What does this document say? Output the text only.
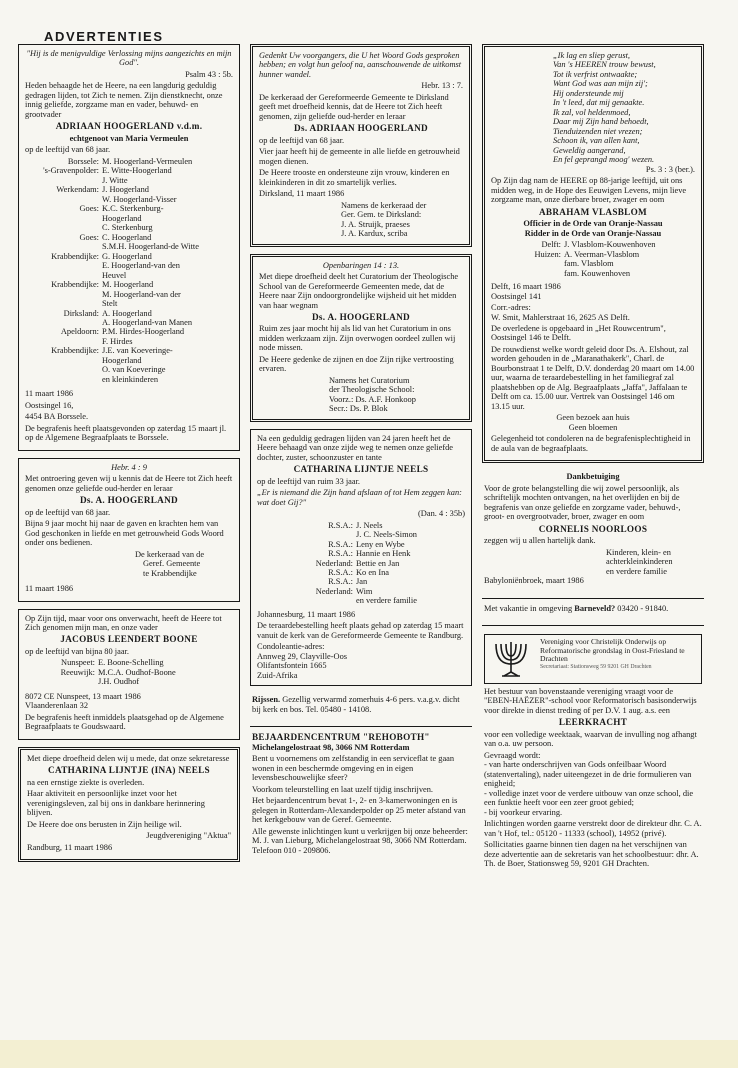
ADVERTENTIES

"Hij is de menigvuldige Verlossing mijns aangezichts en mijn God".

Psalm 43 : 5b.

Heden behaagde het de Heere, na een langdurig geduldig gedragen lijden, tot Zich te nemen. Zijn dienstknecht, onze innig geliefde, zorgzame man en vader, behuwd- en grootvader

ADRIAAN HOOGERLAND v.d.m.

echtgenoot van Maria Vermeulen

op de leeftijd van 68 jaar.

Borssele: M. Hoogerland-Vermeulen
's-Gravenpolder: E. Witte-Hoogerland
J. Witte
Werkendam: J. Hoogerland
W. Hoogerland-Visser
Goes: K.C. Sterkenburg-
Hoogerland
C. Sterkenburg
Goes: C. Hoogerland
S.M.H. Hoogerland-de Witte
Krabbendijke: G. Hoogerland
E. Hoogerland-van den
Heuvel
Krabbendijke: M. Hoogerland
M. Hoogerland-van der
Stelt
Dirksland: A. Hoogerland
A. Hoogerland-van Manen
Apeldoorn: P.M. Hirdes-Hoogerland
F. Hirdes
Krabbendijke: J.E. van Koeveringe-
Hoogerland
O. van Koeveringe
en kleinkinderen

11 maart 1986

Oostsingel 16,

4454 BA Borssele.

De begrafenis heeft plaatsgevonden op zaterdag 15 maart jl. op de Algemene Begraafplaats te Borssele.

Hebr. 4 : 9

Met ontroering geven wij u kennis dat de Heere tot Zich heeft genomen onze geliefde oud-herder en leraar

Ds. A. HOOGERLAND

op de leeftijd van 68 jaar.

Bijna 9 jaar mocht hij naar de gaven en krachten hem van God geschonken in liefde en met getrouwheid Gods Woord onder ons bedienen.

De kerkeraad van de

Geref. Gemeente

te Krabbendijke

11 maart 1986

Op Zijn tijd, maar voor ons onverwacht, heeft de Heere tot Zich genomen mijn man, en onze vader

JACOBUS LEENDERT BOONE

op de leeftijd van bijna 80 jaar.

Nunspeet: E. Boone-Schelling
Reeuwijk: M.C.A. Oudhof-Boone
J.H. Oudhof

8072 CE Nunspeet, 13 maart 1986

Vlaanderenlaan 32

De begrafenis heeft inmiddels plaatsgehad op de Algemene Begraafplaats te Goudswaard.

Met diepe droefheid delen wij u mede, dat onze sekretaresse

CATHARINA LIJNTJE (INA) NEELS

na een ernstige ziekte is overleden.

Haar aktiviteit en persoonlijke inzet voor het verenigingsleven, zal bij ons in dankbare herinnering blijven.

De Heere doe ons berusten in Zijn heilige wil.

Jeugdvereniging "Aktua"

Randburg, 11 maart 1986

Gedenkt Uw voorgangers, die U het Woord Gods gesproken hebben; en volgt hun geloof na, aanschouwende de uitkomst hunner wandel.

Hebr. 13 : 7.

De kerkeraad der Gereformeerde Gemeente te Dirksland geeft met droefheid kennis, dat de Heere tot Zich heeft genomen, zijn geliefde oud-herder en leraar

Ds. ADRIAAN HOOGERLAND

op de leeftijd van 68 jaar.

Vier jaar heeft hij de gemeente in alle liefde en getrouwheid mogen dienen.

De Heere trooste en ondersteune zijn vrouw, kinderen en kleinkinderen in dit zo smartelijk verlies.

Dirksland, 11 maart 1986

Namens de kerkeraad der

Ger. Gem. te Dirksland:

J. A. Struijk, praeses

J. A. Kardux, scriba

Openbaringen 14 : 13.

Met diepe droefheid deelt het Curatorium der Theologische School van de Gereformeerde Gemeenten mede, dat de Heere naar Zijn ondoorgrondelijke wijsheid uit het midden van haar wegnam

Ds. A. HOOGERLAND

Ruim zes jaar mocht hij als lid van het Curatorium in ons midden werkzaam zijn. Zijn overwogen oordeel zullen wij node missen.

De Heere gedenke de zijnen en doe Zijn rijke vertroosting ervaren.

Namens het Curatorium

der Theologische School:

Voorz.: Ds. A.F. Honkoop

Secr.: Ds. P. Blok

Na een geduldig gedragen lijden van 24 jaren heeft het de Heere behaagd van onze zijde weg te nemen onze geliefde dochter, zuster, schoonzuster en tante

CATHARINA LIJNTJE NEELS

op de leeftijd van ruim 33 jaar.

„Er is niemand die Zijn hand afslaan of tot Hem zeggen kan: wat doet Gij?"

(Dan. 4 : 35b)

R.S.A.: J. Neels
J. C. Neels-Simon
R.S.A.: Leny en Wybe
R.S.A.: Hannie en Henk
Nederland: Bettie en Jan
R.S.A.: Ko en Ina
R.S.A.: Jan
Nederland: Wim
en verdere familie

Johannesburg, 11 maart 1986

De teraardebestelling heeft plaats gehad op zaterdag 15 maart vanuit de kerk van de Gereformeerde Gemeente te Randburg.

Condoleantie-adres:

Annweg 29, Clayville-Oos

Olifantsfontein 1665

Zuid-Afrika

Rijssen. Gezellig verwarmd zomerhuis 4-6 pers. v.a.g.v. dicht bij kerk en bos. Tel. 05480 - 14108.

BEJAARDENCENTRUM "REHOBOTH"

Michelangelostraat 98, 3066 NM Rotterdam

Bent u voornemens om zelfstandig in een serviceflat te gaan wonen in een beschermde omgeving en in eigen levensbeschouwelijke sfeer?

Voorkom teleurstelling en laat uzelf tijdig inschrijven.

Het bejaardencentrum bevat 1-, 2- en 3-kamerwoningen en is gelegen in Rotterdam-Alexanderpolder op 25 meter afstand van het kerkgebouw van de Geref. Gemeente.

Alle gewenste inlichtingen kunt u verkrijgen bij onze beheerder: M. J. van Lieburg, Michelangelostraat 98, 3066 NM Rotterdam. Telefoon 010 - 209806.

„Ik lag en sliep gerust,
Van 's HEEREN trouw bewust,
Tot ik verfrist ontwaakte;
Want God was aan mijn zij';
Hij ondersteunde mij
In 't leed, dat mij genaakte.
Ik zal, vol heldenmoed,
Daar mij Zijn hand behoedt,
Tienduizenden niet vrezen;
Schoon ik, van allen kant,
Geweldig aangerand,
En fel geprangd moog' wezen.

Ps. 3 : 3 (ber.).

Op Zijn dag nam de HEERE op 88-jarige leeftijd, uit ons midden weg, in de Hope des Eeuwigen Levens, mijn lieve zorgzame man, onze dierbare broer, zwager en oom

ABRAHAM VLASBLOM

Officier in de Orde van Oranje-Nassau

Ridder in de Orde van Oranje-Nassau

Delft: J. Vlasblom-Kouwenhoven
Huizen: A. Veerman-Vlasblom
fam. Vlasblom
fam. Kouwenhoven

Delft, 16 maart 1986

Oostsingel 141

Corr.-adres:

W. Smit, Mahlerstraat 16, 2625 AS Delft.

De overledene is opgebaard in „Het Rouwcentrum", Oostsingel 146 te Delft.

De rouwdienst welke wordt geleid door Ds. A. Elshout, zal worden gehouden in de „Maranathakerk", Charl. de Bourbonstraat 1 te Delft, D.V. donderdag 20 maart om 14.00 uur, waarna de teraardebestelling in het familiegraf zal plaatshebben op de Alg. Begraafplaats „Jaffa", Jaffalaan te Delft om ca. 15.00 uur. Vertrek van Oostsingel 146 om 13.15 uur.

Geen bezoek aan huis

Geen bloemen

Gelegenheid tot condoleren na de begrafenisplechtigheid in de aula van de begraafplaats.

Dankbetuiging

Voor de grote belangstelling die wij zowel persoonlijk, als schriftelijk mochten ontvangen, na het overlijden en bij de begrafenis van onze geliefde en zorgzame vader, behuwd-, groot- en overgrootvader, broer, zwager en oom

CORNELIS NOORLOOS

zeggen wij u allen hartelijk dank.

Kinderen, klein- en

achterkleinkinderen

en verdere familie

Babyloniënbroek, maart 1986

Met vakantie in omgeving Barneveld? 03420 - 91840.

Vereniging voor Christelijk Onderwijs op Reformatorische grondslag in Oost-Friesland te Drachten
Secretariaat: Stationsweg 59 9201 GH Drachten

Het bestuur van bovenstaande vereniging vraagt voor de "EBEN-HAËZER"-school voor Reformatorisch basisonderwijs voor direkte in dienst treding of per D.V. 1 aug. a.s. een

LEERKRACHT

voor een volledige weektaak, waarvan de invulling nog afhangt van o.a. uw persoon.

Gevraagd wordt:

- van harte onderschrijven van Gods onfeilbaar Woord (statenvertaling), nader uiteengezet in de drie formulieren van enigheid;

- volledige inzet voor de verdere uitbouw van onze school, die een funktie heeft voor een zeer groot gebied;

- bij voorkeur ervaring.

Inlichtingen worden gaarne verstrekt door de direkteur dhr. C. A. van 't Hof, tel.: 05120 - 11333 (school), 14952 (privé).

Sollicitaties gaarne binnen tien dagen na het verschijnen van deze advertentie aan de sekretaris van het schoolbestuur: dhr. A. Th. de Boer, Stationsweg 59, 9201 GH Drachten.
